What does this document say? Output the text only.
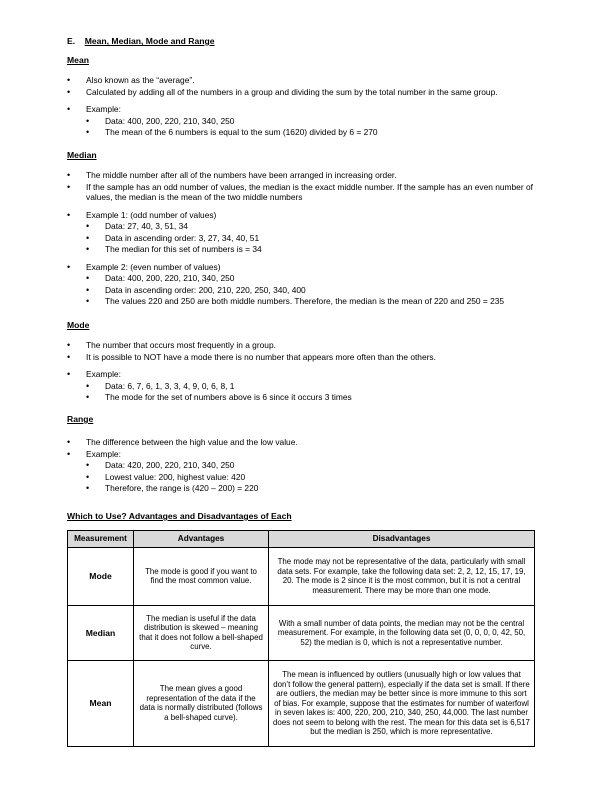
E. Mean, Median, Mode and Range
Mean
• Also known as the “average”.
• Calculated by adding all of the numbers in a group and dividing the sum by the total number in the same group.
• Example:
• Data: 400, 200, 220, 210, 340, 250
• The mean of the 6 numbers is equal to the sum (1620) divided by 6 = 270
Median
• The middle number after all of the numbers have been arranged in increasing order.
• If the sample has an odd number of values, the median is the exact middle number. If the sample has an even number of values, the median is the mean of the two middle numbers
• Example 1: (odd number of values)
• Data: 27, 40, 3, 51, 34
• Data in ascending order: 3, 27, 34, 40, 51
• The median for this set of numbers is = 34
• Example 2: (even number of values)
• Data: 400, 200, 220, 210, 340, 250
• Data in ascending order: 200, 210, 220, 250, 340, 400
• The values 220 and 250 are both middle numbers. Therefore, the median is the mean of 220 and 250 = 235
Mode
• The number that occurs most frequently in a group.
• It is possible to NOT have a mode there is no number that appears more often than the others.
• Example:
• Data: 6, 7, 6, 1, 3, 3, 4, 9, 0, 6, 8, 1
• The mode for the set of numbers above is 6 since it occurs 3 times
Range
• The difference between the high value and the low value.
• Example:
• Data: 420, 200, 220, 210, 340, 250
• Lowest value: 200, highest value: 420
• Therefore, the range is (420 – 200) = 220
Which to Use? Advantages and Disadvantages of Each
Measurement	Advantages	Disadvantages
Mode	The mode is good if you want to find the most common value.	The mode may not be representative of the data, particularly with small data sets. For example, take the following data set: 2, 2, 12, 15, 17, 19, 20. The mode is 2 since it is the most common, but it is not a central measurement. There may be more than one mode.
Median	The median is useful if the data distribution is skewed – meaning that it does not follow a bell-shaped curve.	With a small number of data points, the median may not be the central measurement. For example, in the following data set (0, 0, 0, 0, 42, 50, 52) the median is 0, which is not a representative number.
Mean	The mean gives a good representation of the data if the data is normally distributed (follows a bell-shaped curve).	The mean is influenced by outliers (unusually high or low values that don’t follow the general pattern), especially if the data set is small. If there are outliers, the median may be better since is more immune to this sort of bias. For example, suppose that the estimates for number of waterfowl in seven lakes is: 400, 220, 200, 210, 340, 250, 44,000. The last number does not seem to belong with the rest. The mean for this data set is 6,517 but the median is 250, which is more representative.
